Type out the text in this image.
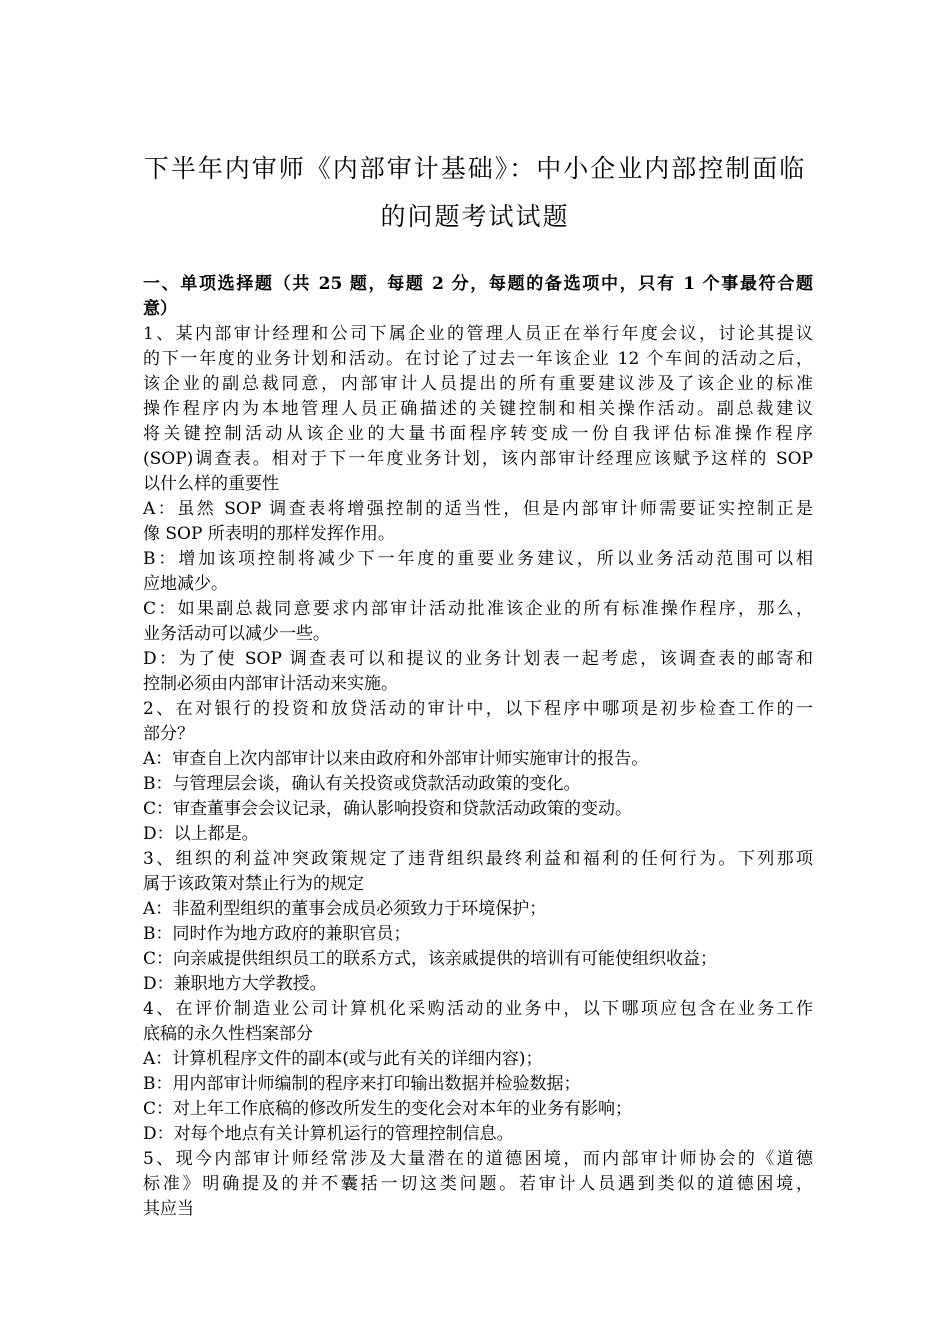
下半年内审师《内部审计基础》：中小企业内部控制面临
的问题考试试题
一、单项选择题（共 25 题，每题 2 分，每题的备选项中，只有 1 个事最符合题
意）
1、某内部审计经理和公司下属企业的管理人员正在举行年度会议，讨论其提议
的下一年度的业务计划和活动。在讨论了过去一年该企业 12 个车间的活动之后，
该企业的副总裁同意，内部审计人员提出的所有重要建议涉及了该企业的标准
操作程序内为本地管理人员正确描述的关键控制和相关操作活动。副总裁建议
将关键控制活动从该企业的大量书面程序转变成一份自我评估标准操作程序
(SOP)调查表。相对于下一年度业务计划，该内部审计经理应该赋予这样的 SOP
以什么样的重要性
A：虽然 SOP 调查表将增强控制的适当性，但是内部审计师需要证实控制正是
像 SOP 所表明的那样发挥作用。
B：增加该项控制将减少下一年度的重要业务建议，所以业务活动范围可以相
应地减少。
C：如果副总裁同意要求内部审计活动批准该企业的所有标准操作程序，那么，
业务活动可以减少一些。
D：为了使 SOP 调查表可以和提议的业务计划表一起考虑，该调查表的邮寄和
控制必须由内部审计活动来实施。
2、在对银行的投资和放贷活动的审计中，以下程序中哪项是初步检查工作的一
部分？
A：审查自上次内部审计以来由政府和外部审计师实施审计的报告。
B：与管理层会谈，确认有关投资或贷款活动政策的变化。
C：审查董事会会议记录，确认影响投资和贷款活动政策的变动。
D：以上都是。
3、组织的利益冲突政策规定了违背组织最终利益和福利的任何行为。下列那项
属于该政策对禁止行为的规定
A：非盈利型组织的董事会成员必须致力于环境保护；
B：同时作为地方政府的兼职官员；
C：向亲戚提供组织员工的联系方式，该亲戚提供的培训有可能使组织收益；
D：兼职地方大学教授。
4、在评价制造业公司计算机化采购活动的业务中，以下哪项应包含在业务工作
底稿的永久性档案部分
A：计算机程序文件的副本(或与此有关的详细内容)；
B：用内部审计师编制的程序来打印输出数据并检验数据；
C：对上年工作底稿的修改所发生的变化会对本年的业务有影响；
D：对每个地点有关计算机运行的管理控制信息。
5、现今内部审计师经常涉及大量潜在的道德困境，而内部审计师协会的《道德
标准》明确提及的并不囊括一切这类问题。若审计人员遇到类似的道德困境，
其应当
